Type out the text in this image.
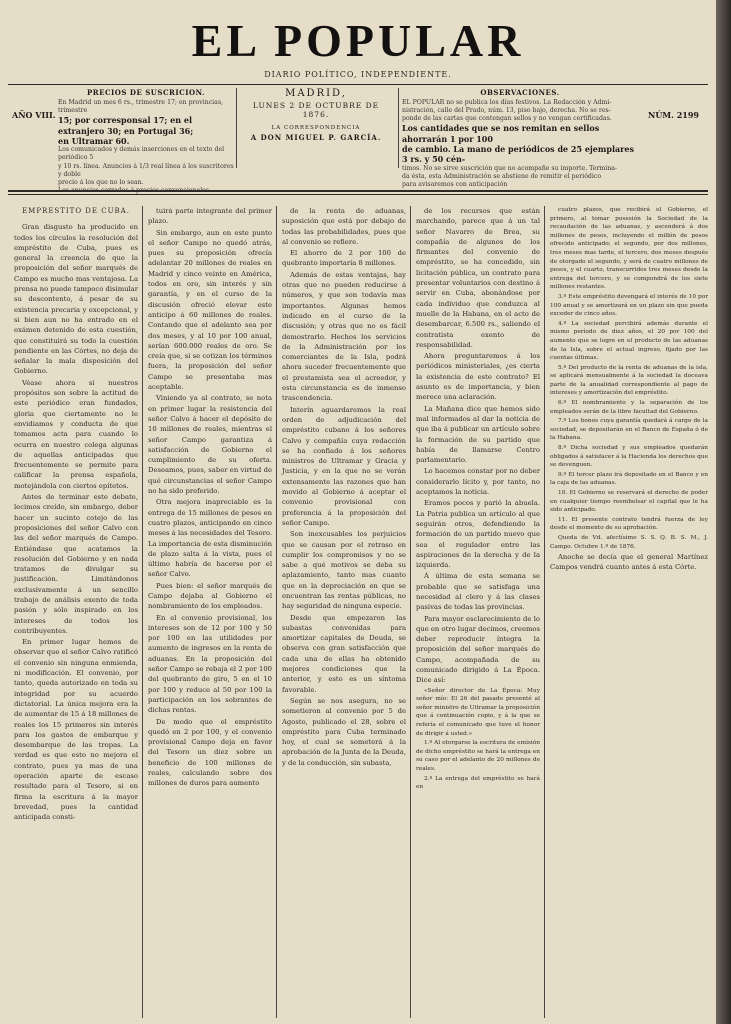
EL POPULAR
DIARIO POLÍTICO, INDEPENDIENTE.
PRECIOS DE SUSCRICION.
En Madrid un mes 6 rs., trimestre 17; en provincias, trimestre
15; por corresponsal 17; en el extranjero 30; en Portugal 36;
en Ultramar 60.
Los comunicados y demás inserciones en el texto del periódico 5
y 10 rs. línea. Anuncios á 1/3 real línea á los suscritores y doble
precio á los que no lo sean.
AÑO VIII.
MADRID,
LUNES 2 DE OCTUBRE DE 1876.
LA CORRESPONDENCIA
A DON MIGUEL P. GARCÍA.
OBSERVACIONES.
EL POPULAR no se publica los días festivos. La Redacción y Admi-
nistración, calle del Prado, núm. 13, piso bajo, derecha. No se res-
ponde de las cartas que contengan sellos y no vengan certificadas.
Los cantidades que se nos remitan en sellos ahorrarán 1 por 100
de cambio. La mano de periódicos de 25 ejemplares 3 rs. y 50 cén-
timos. No se sirve suscrición que no acompañe su importe. Termina-
da ésta, esta Administración se abstiene de remitir el periódico
para avisaremos con anticipación
NÚM. 2199

EMPRESTITO DE CUBA.

Gran disgusto ha producido en todos los círculos la resolución del empréstito de Cuba, pues es general la creencia de que la proposición del señor marqués de Campo es mucho mas ventajosa. La prensa no puede tampoco disimular su descontento, á pesar de su existencia precaria y excepcional, y si bien aun no ha entrado en el exámen detenido de esta cuestión, que constituirá su todo la cuestión pendiente en las Córtes, no deja de señalar la mala disposición del Gobierno.

Véase ahora si nuestros propósitos son sobre la actitud de este periódico eran fundados, gloria que ciertamente no le envidiamos y conducta de que tomamos acta para cuando lo ocurra en nuestro colega algunas de aquellas anticipadas que frecuentemente se permite para calificar la prensa española, motejándola con ciertos epítetos.

Antes de terminar este debate, lecimos creído, sin embargo, deber hacer un sucinto cotejo de las proposiciones del señor Calvo con las del señor marqués de Campo. Entiéndase que acatamos la resolución del Gobierno y en nada tratamos de divulgar su justificación. Limitándonos exclusivamente á un sencillo trabajo de análisis exento de toda pasión y sólo inspirado en los intereses de todos los contribuyentes.

En primer lugar hemos de observar que el señor Calvo ratificó el convenio sin ninguna enmienda, ni modificación. El convenio, por tanto, queda autorizado en toda su integridad por su acuerdo dictatorial. La única mejora era la de aumentar de 15 á 18 millones de reales los 15 primeros sin interés para los gastos de embarque y desembarque de las tropas. La verdad es que esto no mejora el contrato, pues ya mas de una operación aparte de escaso resultado para el Tesoro, si en firma la escritura á la mayor brevedad, pues la cantidad anticipada consti-

tuirá parte integrante del primer plazo.

Sin embargo, aun en este punto el señor Campo no quedó atrás, pues su proposición ofrecía adelantar 20 millones de reales en Madrid y cinco veinte en América, todos en oro, sin interés y sin garantía, y en el curso de la discusión ofreció elevar este anticipo á 60 millones de reales. Contando que el adelanto sea por dos meses, y al 10 por 100 anual, serían 600.000 reales de oro. Se creía que, si se cotizan los términos fuera, la proposición del señor Campo se presentaba mas aceptable.

Viniendo ya al contrato, se nota en primer lugar la resistencia del señor Calvo á hacer el depósito de 10 millones de reales, mientras el señor Campo garantiza á satisfacción de Gobierno el cumplimiento de su oferta. Deseamos, pues, saber en virtud de qué circunstancias el señor Campo no ha sido preferido.

Otra mejora inapreciable es la entrega de 15 millones de pesos en cuatro plazos, anticipando en cinco meses á las necesidades del Tesoro. La importancia de esta disminución de plazo salta á la vista, pues el último habría de hacerse por el señor Calvo.

Pues bien: el señor marqués de Campo dejaba al Gobierno el nombramiento de los empleados.

En el convenio provisional, los intereses son de 12 por 100 y 50 por 100 en las utilidades por aumento de ingresos en la renta de aduanas. En la proposición del señor Campo se rebaja el 2 por 100 del quebranto de giro, 5 en el 10 por 100 y reduce al 50 por 100 la participación en los sobrantes de dichas rentas.

De modo que el empréstito quedó en 2 por 100, y el convenio provisional Campo deja en favor del Tesoro un diez sobre un beneficio de 100 millones de reales, calculando sobre dos millones de duros para aumento

de la renta de aduanas, suposición que está por debajo de todas las probabilidades, pues que al convenio se refiere.

El ahorro de 2 por 100 de quebranto importaría 8 millones.

Además de estas ventajas, hay otras que no pueden reducirse á números, y que son todavía mas importantes. Algunas hemos indicado en el curso de la discusión; y otras que no es fácil demostrarlo. Hechos los servicios de la Administración por los comerciantes de la Isla, podrá ahora suceder frecuentemente que el prestamista sea el acreedor, y esta circunstancia es de inmenso trascendencia.

Interín aguardaremos la real orden de adjudicación del empréstito cubano á los señores Calvo y compañía cuya redacción se ha confiado á los señores ministros de Ultramar y Gracia y Justicia, y en la que no se verán extensamente las razones que han movido al Gobierno á aceptar el convenio provisional con preferencia á la proposición del señor Campo.

Son inexcusables los perjuicios que se causan por el retraso en cumplir los compromisos y no se sabe a qué motivos se deba su aplazamiento, tanto mas cuanto que en la depreciación en que se encuentran las rentas públicas, no hay seguridad de ninguna especie.

Desde que empezaron las subastas convenidas para amortizar capitales de Deuda, se observa con gran satisfacción que cada una de ellas ha obtenido mejores condiciones que la anterior, y esto es un síntoma favorable.

Según se nos asegura, no se sometieron al convenio por 5 de Agosto, publicado el 28, sobre el empréstito para Cuba terminado hoy, el cual se someterá á la aprobación de la Junta de la Deuda, y de la conducción, sin subasta,

de los recursos que están marchando, parece que á un tal señor Navarro de Brea, su compañía de algunos de los firmantes del convenio de empréstito, se ha concedido, sin licitación pública, un contrato para presentar voluntarios con destino á servir en Cuba, abonándose por cada individuo que conduzca al muelle de la Habana, en el acto de desembarcar, 6.500 rs., saliendo el contratista exento de responsabilidad.

Ahora preguntaremos á los periódicos ministeriales, ¿es cierta la existencia de este contrato? El asunto es de importancia, y bien merece una aclaración.

La Mañana dice que hemos sido mal informados al dar la noticia de que iba á publicar un artículo sobre la formación de su partido que había de llamarse Centro parlamentario.

Lo hacemos constar por no deber considerarlo lícito y, por tanto, no aceptamos la noticia.

Eramos pocos y parió la abuela. La Patria publica un artículo al que seguirán otros, defendiendo la formación de un partido nuevo que sea el regulador entre las aspiraciones de la derecha y de la izquierda.

Á última de esta semana se probable que se satisfaga una necesidad al clero y á las clases pasivas de todas las provincias.

Para mayor esclarecimiento de lo que en otro lugar decimos, creemos deber reproducir íntegra la proposición del señor marqués de Campo, acompañada de su comunicado dirigido á La Época. Dice así:

«Señor director de La Época: Muy señor mío: El 26 del pasado presenté al señor ministro de Ultramar la proposición que á continuación copio, y á la que se refería el comunicado que tuve el honor de dirigir á usted.»

1.º Al otorgarse la escritura de emisión de dicho empréstito se hará la entrega en su caso por el adelanto de 20 millones de reales.

2.º La entrega del empréstito se hará en

cuatro plazos, que recibirá el Gobierno, el primero, al tomar posesión la Sociedad de la recaudación de las aduanas, y ascenderá á dos millones de pesos, incluyendo el millón de pesos ofrecido anticipado; el segundo, por dos millones, tres meses mas tarde, el tercero, dos meses después de otorgado el segundo, y será de cuatro millones de pesos, y el cuarto, transcurridos tres meses desde la entrega del tercero, y se compondrá de los siete millones restantes.

3.º Este empréstito devengará el interés de 10 por 100 anual y se amortizará en un plazo sin que pueda exceder de cinco años.

4.º La sociedad percibirá además durante el mismo período de diez años, el 20 por 100 del aumento que se logre en el producto de las aduanas de la Isla, sobre el actual ingreso, fijado por las cuentas últimas.

5.º Del producto de la renta de aduanas de la isla, se aplicará mensualmente á la sociedad la doceava parte de la anualidad correspondiente al pago de intereses y amortización del empréstito.

6.º El nombramiento y la separación de los empleados serán de la libre facultad del Gobierno.

7.º Los bonos cuya garantía quedará á cargo de la sociedad, se depositarán en el Banco de España ó de la Habana.

8.º Dicha sociedad y sus empleados quedarán obligados á satisfacer á la Hacienda los derechos que se devenguen.

9.º El tercer plazo irá depositado en el Banco y en la caja de las aduanas.

10. El Gobierno se reservará el derecho de poder en cualquier tiempo reembolsar el capital que le ha sido anticipado.

11. El presente contrato tendrá fuerza de ley desde el momento de su aprobación.

Queda de Vd. afectísimo S. S. Q. B. S. M., J. Campo. Octubre 1.º de 1876.

Anoche se decía que el general Martínez Campos vendrá cuanto antes á esta Córte.
